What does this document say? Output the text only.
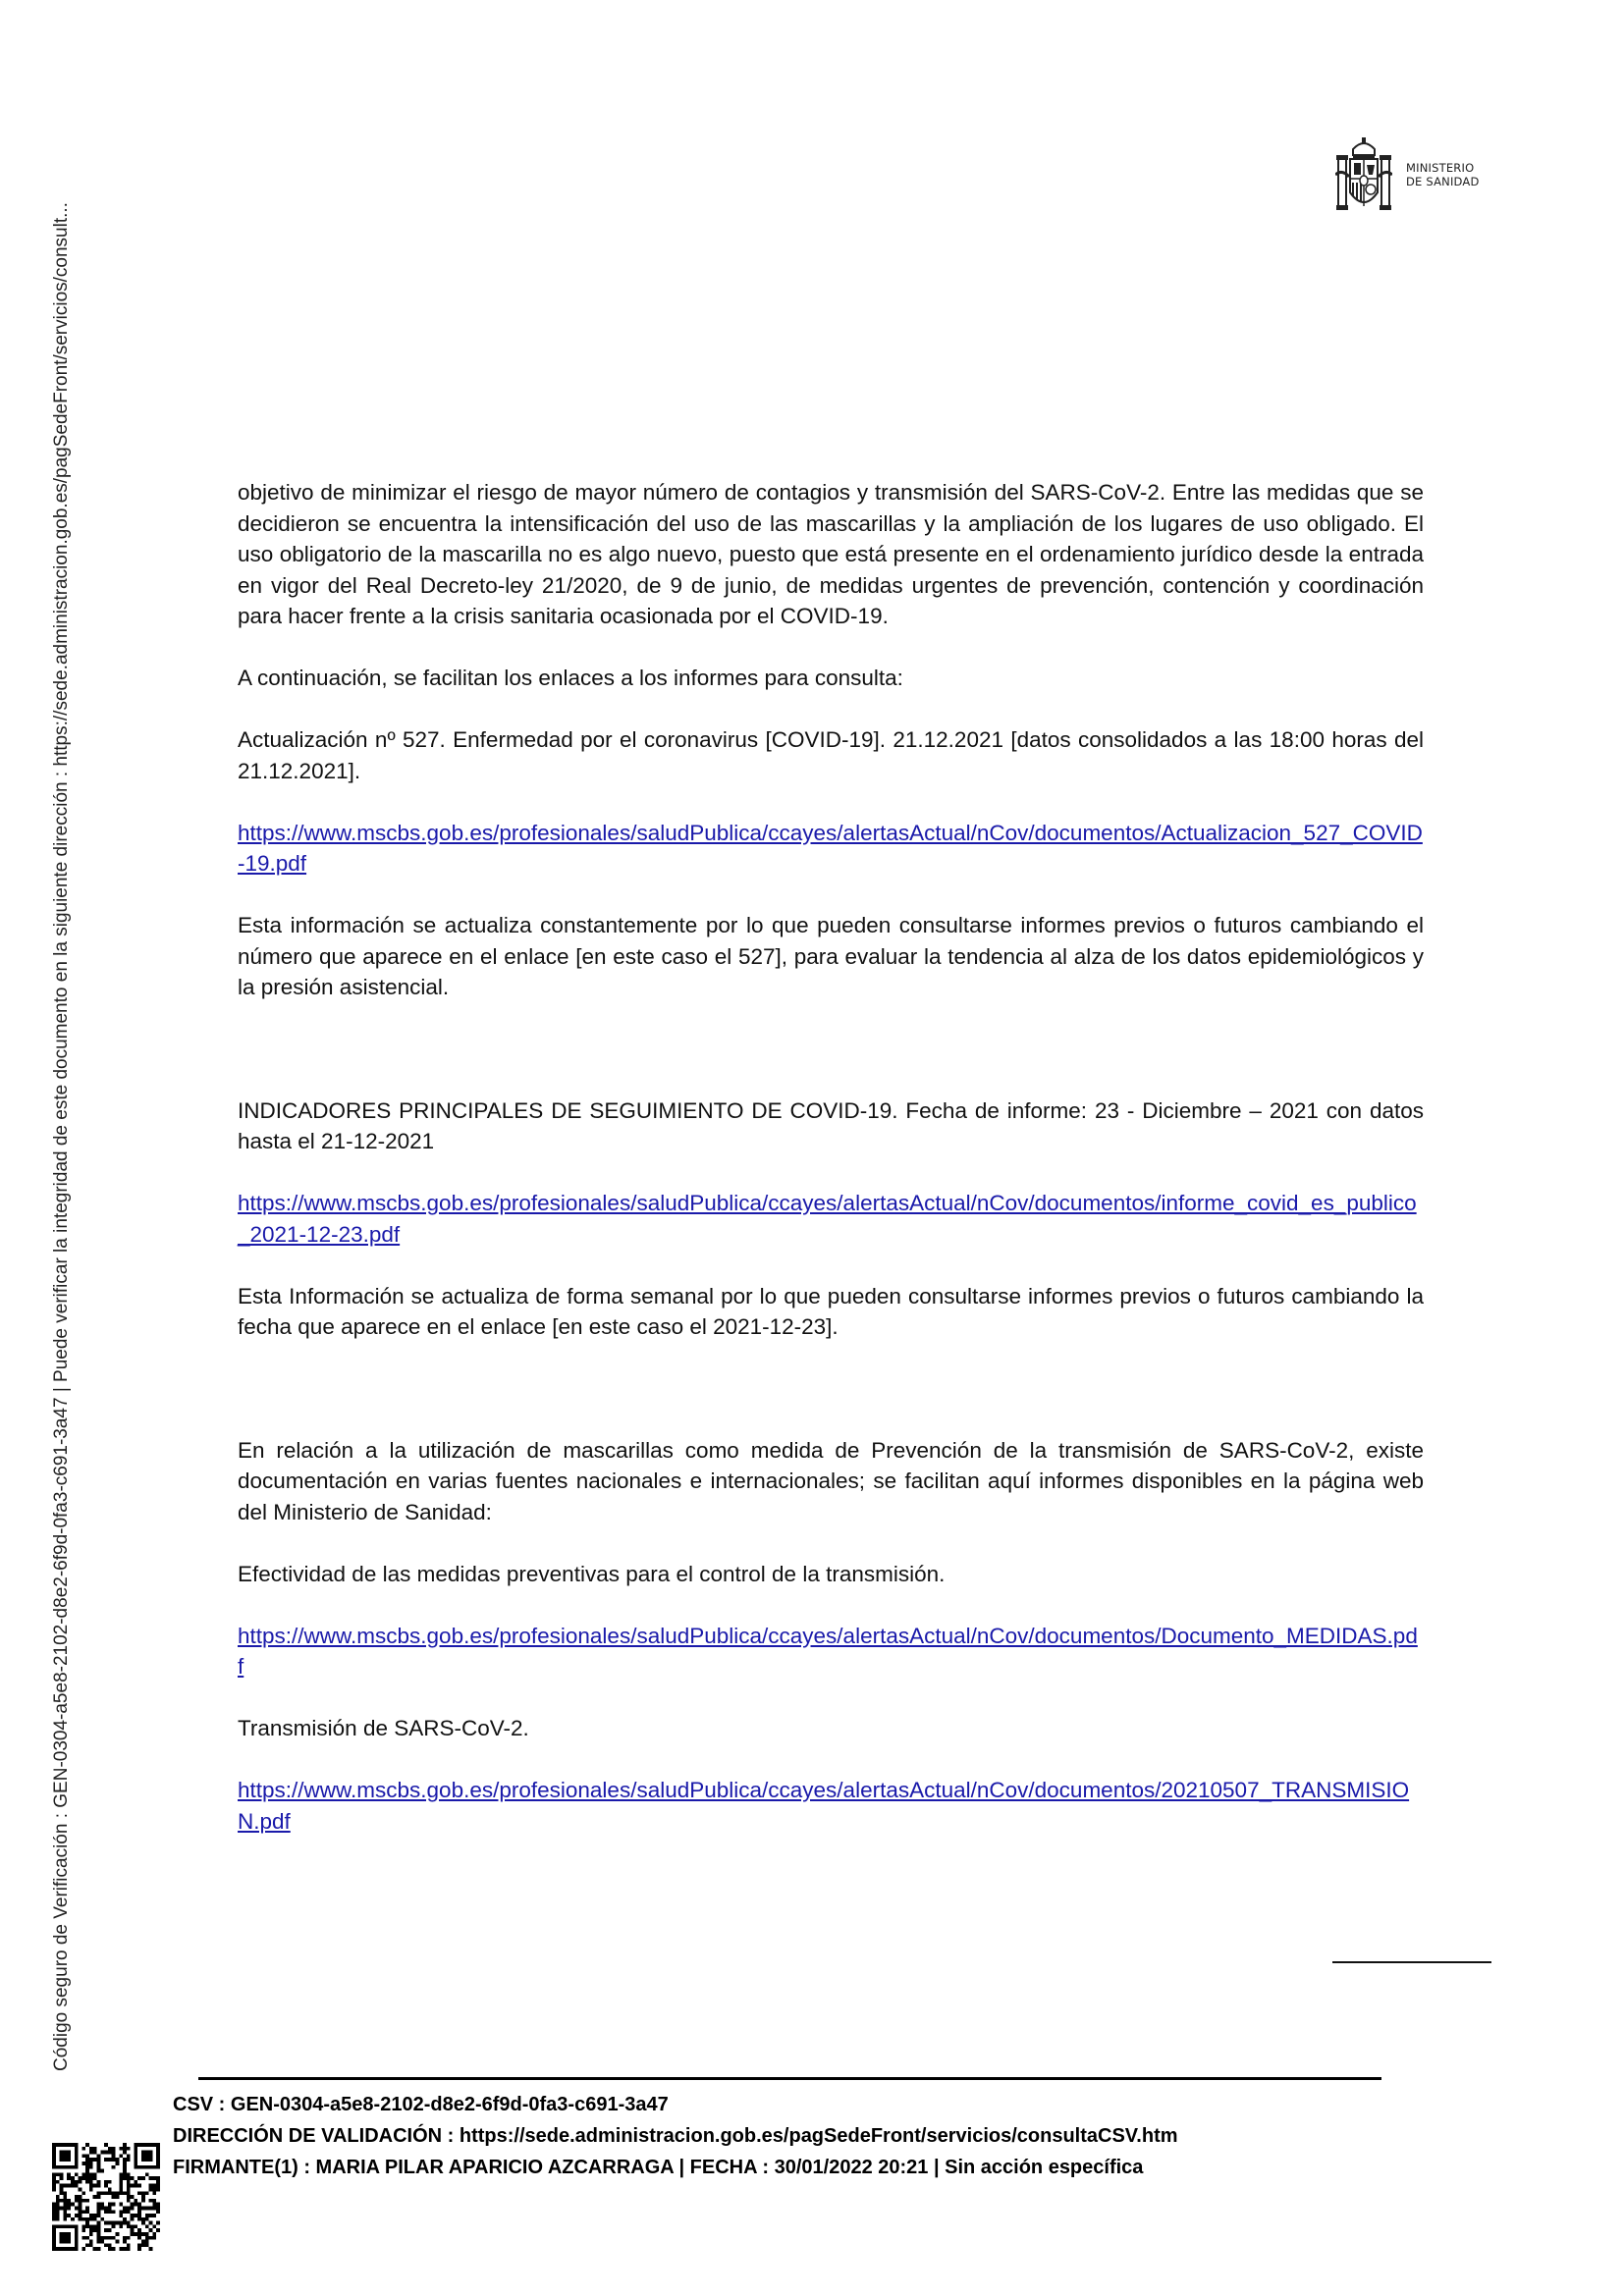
MINISTERIO
DE SANIDAD
Código seguro de Verificación : GEN-0304-a5e8-2102-d8e2-6f9d-0fa3-c691-3a47 | Puede verificar la integridad de este documento en la siguiente dirección : https://sede.administracion.gob.es/pagSedeFront/servicios/consult...	objetivo de minimizar el riesgo de mayor número de contagios y transmisión del SARS-CoV-2. Entre las medidas que se decidieron se encuentra la intensificación del uso de las mascarillas y la ampliación de los lugares de uso obligado. El uso obligatorio de la mascarilla no es algo nuevo, puesto que está presente en el ordenamiento jurídico desde la entrada en vigor del Real Decreto-ley 21/2020, de 9 de junio, de medidas urgentes de prevención, contención y coordinación para hacer frente a la crisis sanitaria ocasionada por el COVID-19.

A continuación, se facilitan los enlaces a los informes para consulta:

Actualización nº 527. Enfermedad por el coronavirus [COVID-19]. 21.12.2021 [datos consolidados a las 18:00 horas del 21.12.2021].

https://www.mscbs.gob.es/profesionales/saludPublica/ccayes/alertasActual/nCov/documentos/Actualizacion_527_COVID-19.pdf

Esta información se actualiza constantemente por lo que pueden consultarse informes previos o futuros cambiando el número que aparece en el enlace [en este caso el 527], para evaluar la tendencia al alza de los datos epidemiológicos y la presión asistencial.

INDICADORES PRINCIPALES DE SEGUIMIENTO DE COVID-19. Fecha de informe: 23 - Diciembre – 2021 con datos hasta el 21-12-2021

https://www.mscbs.gob.es/profesionales/saludPublica/ccayes/alertasActual/nCov/documentos/informe_covid_es_publico_2021-12-23.pdf

Esta Información se actualiza de forma semanal por lo que pueden consultarse informes previos o futuros cambiando la fecha que aparece en el enlace [en este caso el 2021-12-23].

En relación a la utilización de mascarillas como medida de Prevención de la transmisión de SARS-CoV-2, existe documentación en varias fuentes nacionales e internacionales; se facilitan aquí informes disponibles en la página web del Ministerio de Sanidad:

Efectividad de las medidas preventivas para el control de la transmisión.

https://www.mscbs.gob.es/profesionales/saludPublica/ccayes/alertasActual/nCov/documentos/Documento_MEDIDAS.pdf

Transmisión de SARS-CoV-2.

https://www.mscbs.gob.es/profesionales/saludPublica/ccayes/alertasActual/nCov/documentos/20210507_TRANSMISION.pdf

CSV : GEN-0304-a5e8-2102-d8e2-6f9d-0fa3-c691-3a47
DIRECCIÓN DE VALIDACIÓN : https://sede.administracion.gob.es/pagSedeFront/servicios/consultaCSV.htm
FIRMANTE(1) : MARIA PILAR APARICIO AZCARRAGA | FECHA : 30/01/2022 20:21 | Sin acción específica
